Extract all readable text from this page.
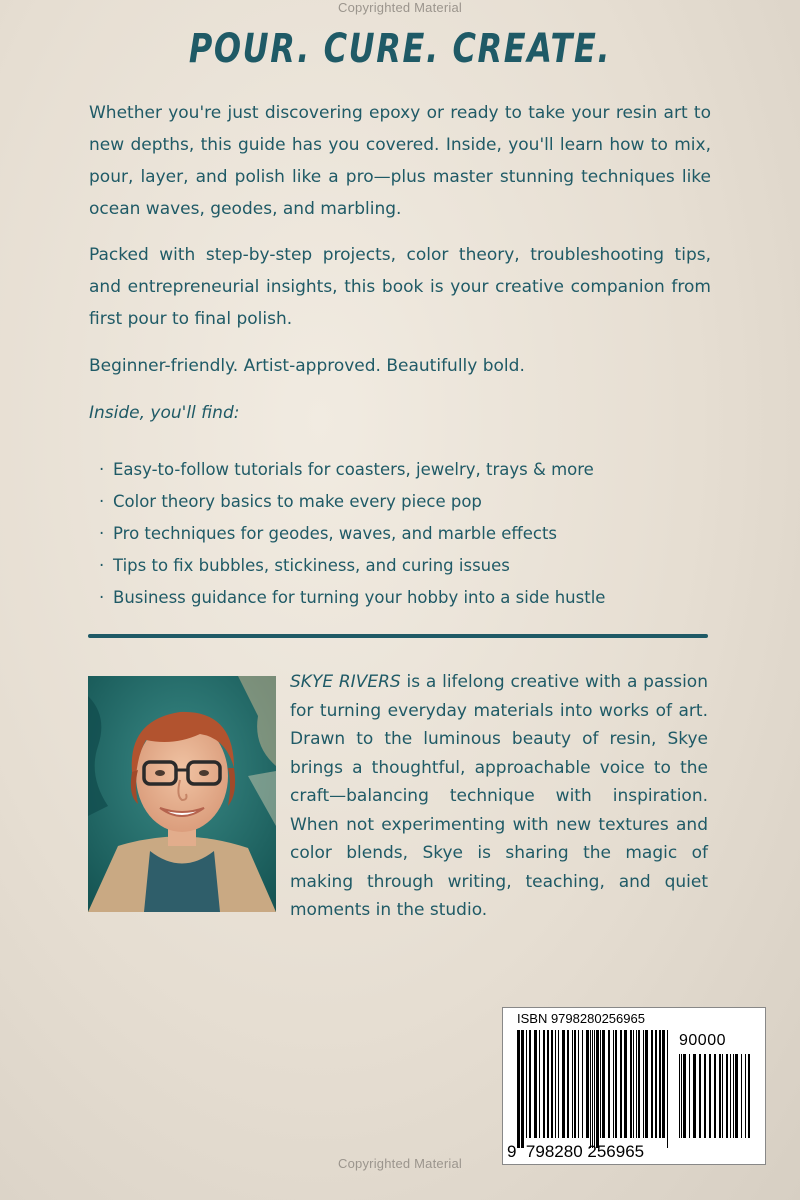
Copyrighted Material
POUR. CURE. CREATE.

Whether you're just discovering epoxy or ready to take your resin art to new depths, this guide has you covered. Inside, you'll learn how to mix, pour, layer, and polish like a pro—plus master stunning techniques like ocean waves, geodes, and marbling.

Packed with step-by-step projects, color theory, troubleshooting tips, and entrepreneurial insights, this book is your creative companion from first pour to final polish.

Beginner-friendly. Artist-approved. Beautifully bold.

Inside, you'll find:
· Easy-to-follow tutorials for coasters, jewelry, trays & more
· Color theory basics to make every piece pop
· Pro techniques for geodes, waves, and marble effects
· Tips to fix bubbles, stickiness, and curing issues
· Business guidance for turning your hobby into a side hustle

SKYE RIVERS is a lifelong creative with a passion for turning everyday materials into works of art. Drawn to the luminous beauty of resin, Skye brings a thoughtful, approachable voice to the craft—balancing technique with inspiration. When not experimenting with new textures and color blends, Skye is sharing the magic of making through writing, teaching, and quiet moments in the studio.

ISBN 9798280256965
90000
9 798280 256965
Copyrighted Material
